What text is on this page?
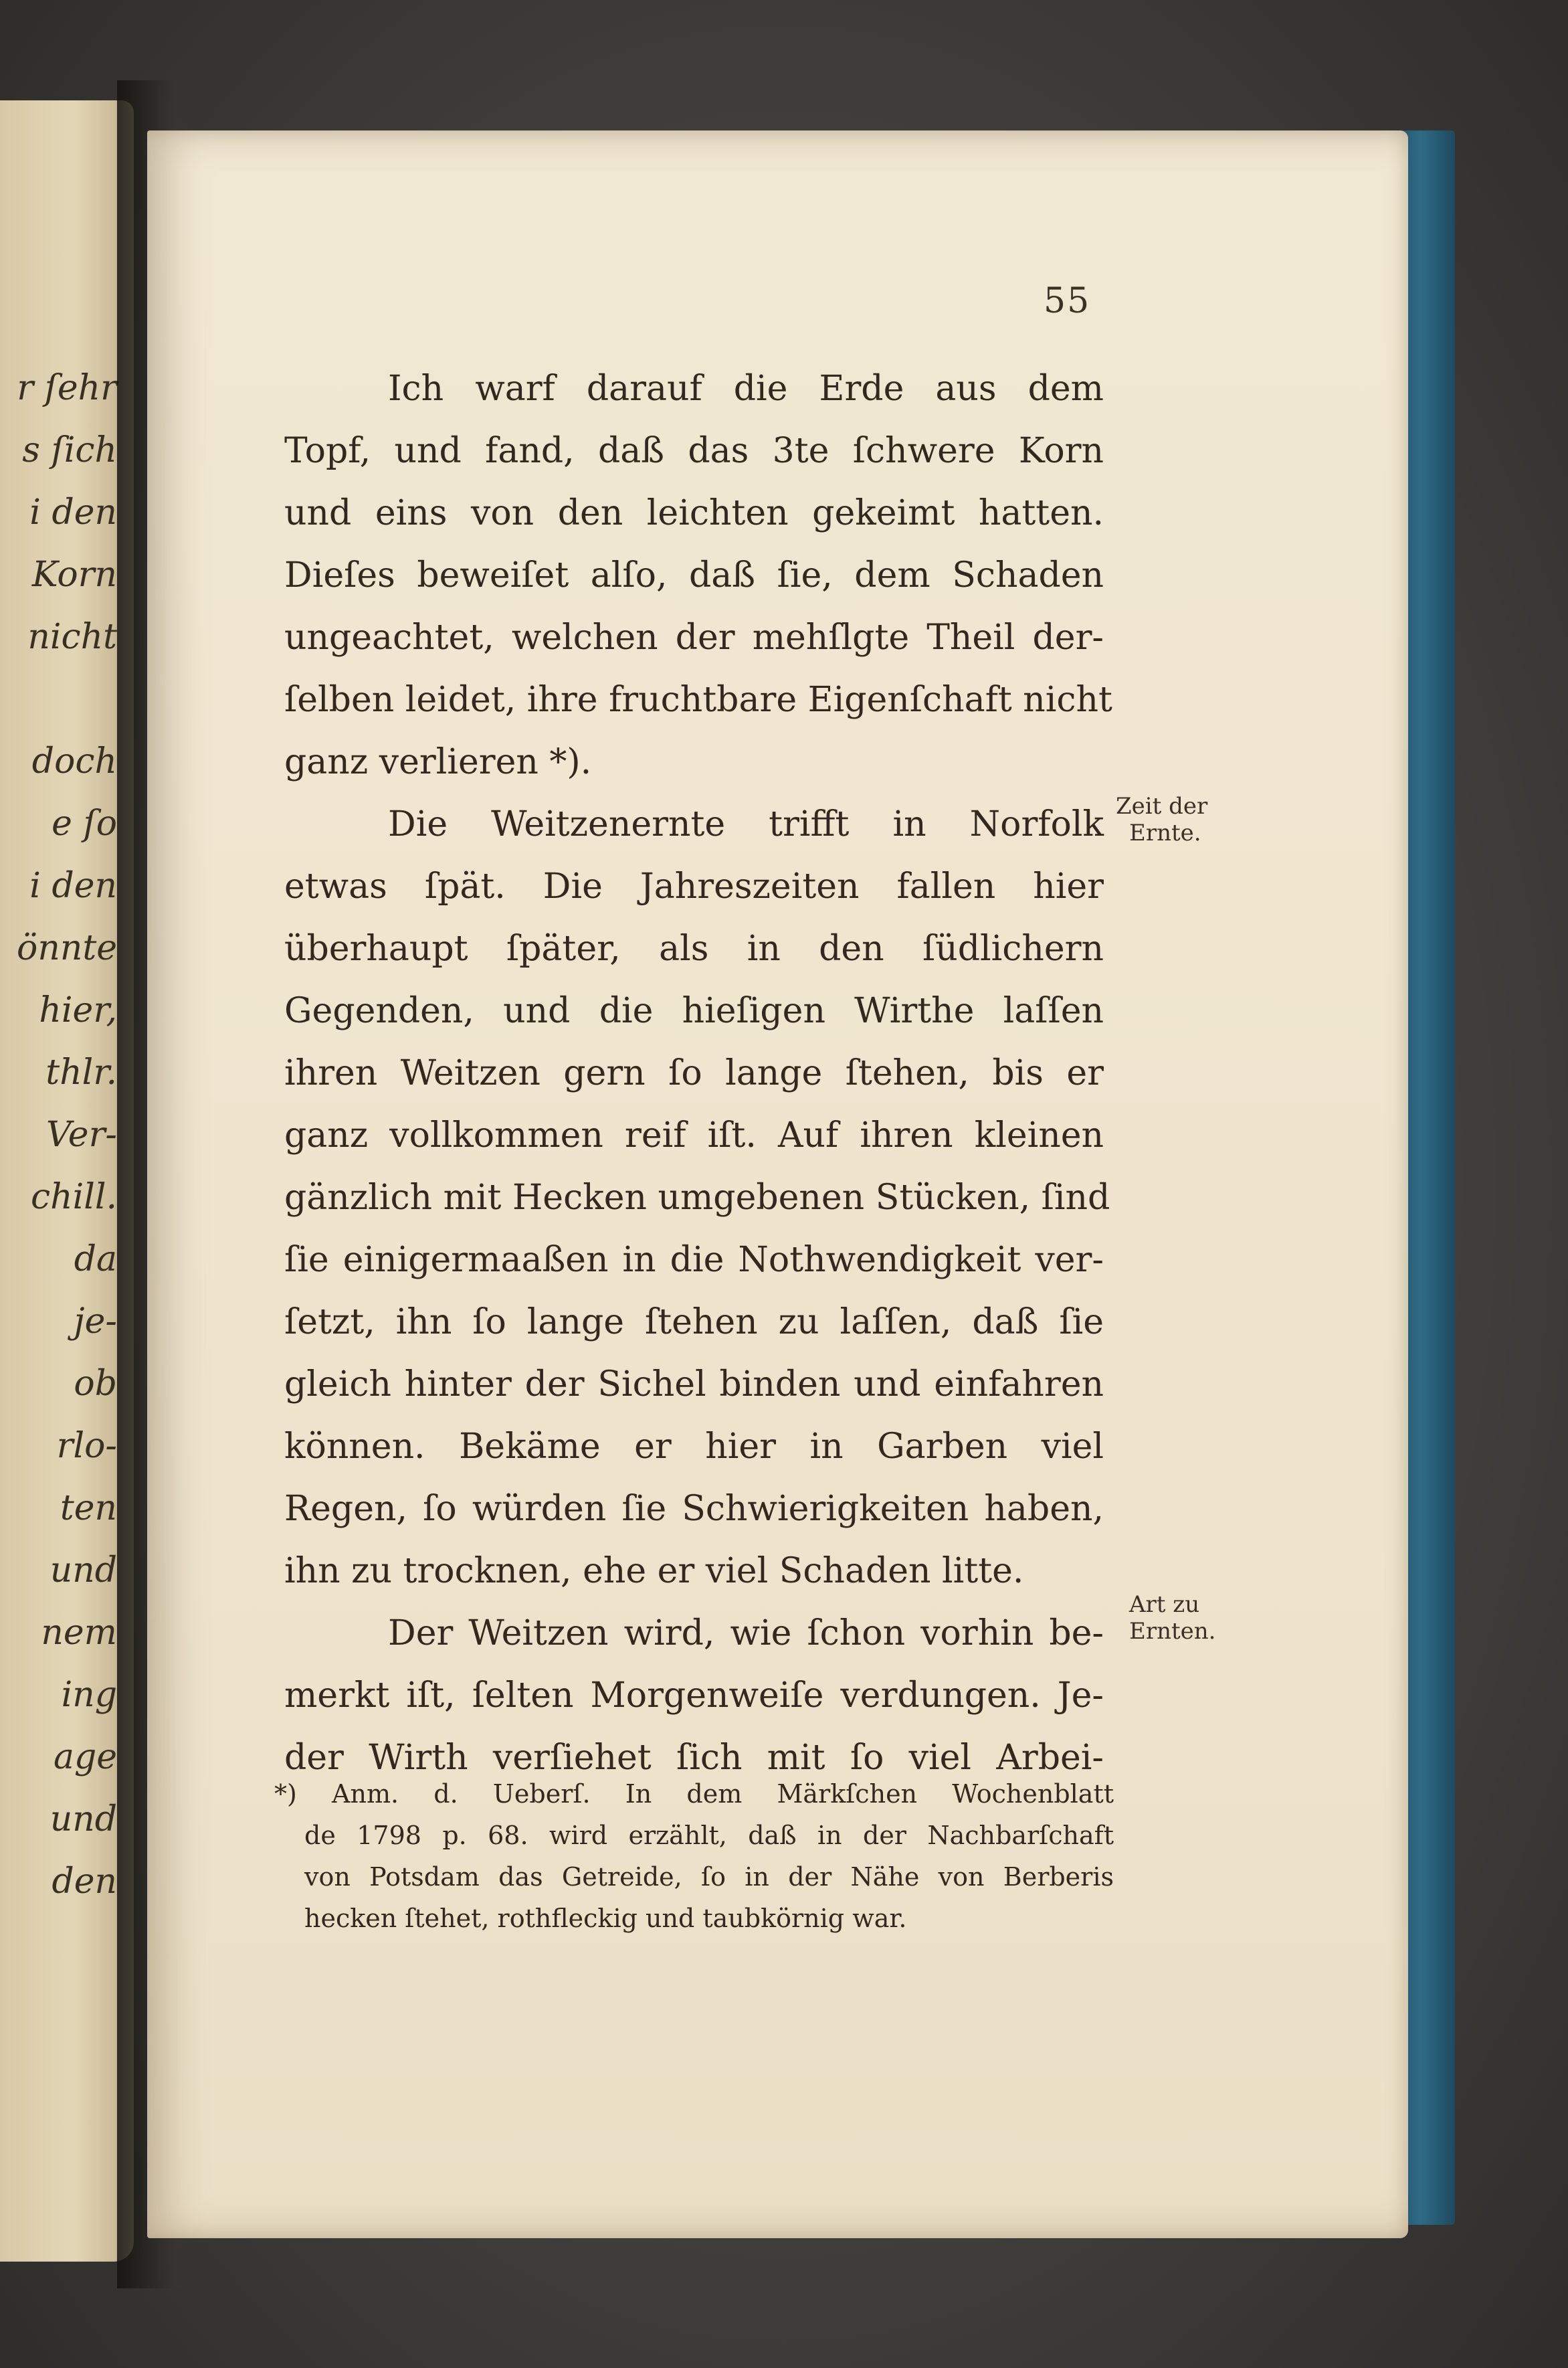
r ſehr
s ſich
i den
Korn
nicht
doch
e ſo
i den
önnte
hier,
thlr.
Ver-
chill.
da
je-
ob
rlo-
ten
und
nem
ing
age
und
den
55
Ich warf darauf die Erde aus dem
Topf, und fand, daß das 3te ſchwere Korn
und eins von den leichten gekeimt hatten.
Dieſes beweiſet alſo, daß ſie, dem Schaden
ungeachtet, welchen der mehſlgte Theil der-
ſelben leidet, ihre fruchtbare Eigenſchaft nicht
ganz verlieren *).
Die Weitzenernte trifft in Norfolk
etwas ſpät. Die Jahreszeiten fallen hier
überhaupt ſpäter, als in den ſüdlichern
Gegenden, und die hieſigen Wirthe laſſen
ihren Weitzen gern ſo lange ſtehen, bis er
ganz vollkommen reif iſt. Auf ihren kleinen
gänzlich mit Hecken umgebenen Stücken, ſind
ſie einigermaaßen in die Nothwendigkeit ver-
ſetzt, ihn ſo lange ſtehen zu laſſen, daß ſie
gleich hinter der Sichel binden und einfahren
können. Bekäme er hier in Garben viel
Regen, ſo würden ſie Schwierigkeiten haben,
ihn zu trocknen, ehe er viel Schaden litte.
Der Weitzen wird, wie ſchon vorhin be-
merkt iſt, ſelten Morgenweiſe verdungen. Je-
der Wirth verſiehet ſich mit ſo viel Arbei-
Zeit der
Ernte.
Art zu
Ernten.
*) Anm. d. Ueberſ. In dem Märkſchen Wochenblatt
de 1798 p. 68. wird erzählt, daß in der Nachbarſchaft
von Potsdam das Getreide, ſo in der Nähe von Berberis
hecken ſtehet, rothfleckig und taubkörnig war.
